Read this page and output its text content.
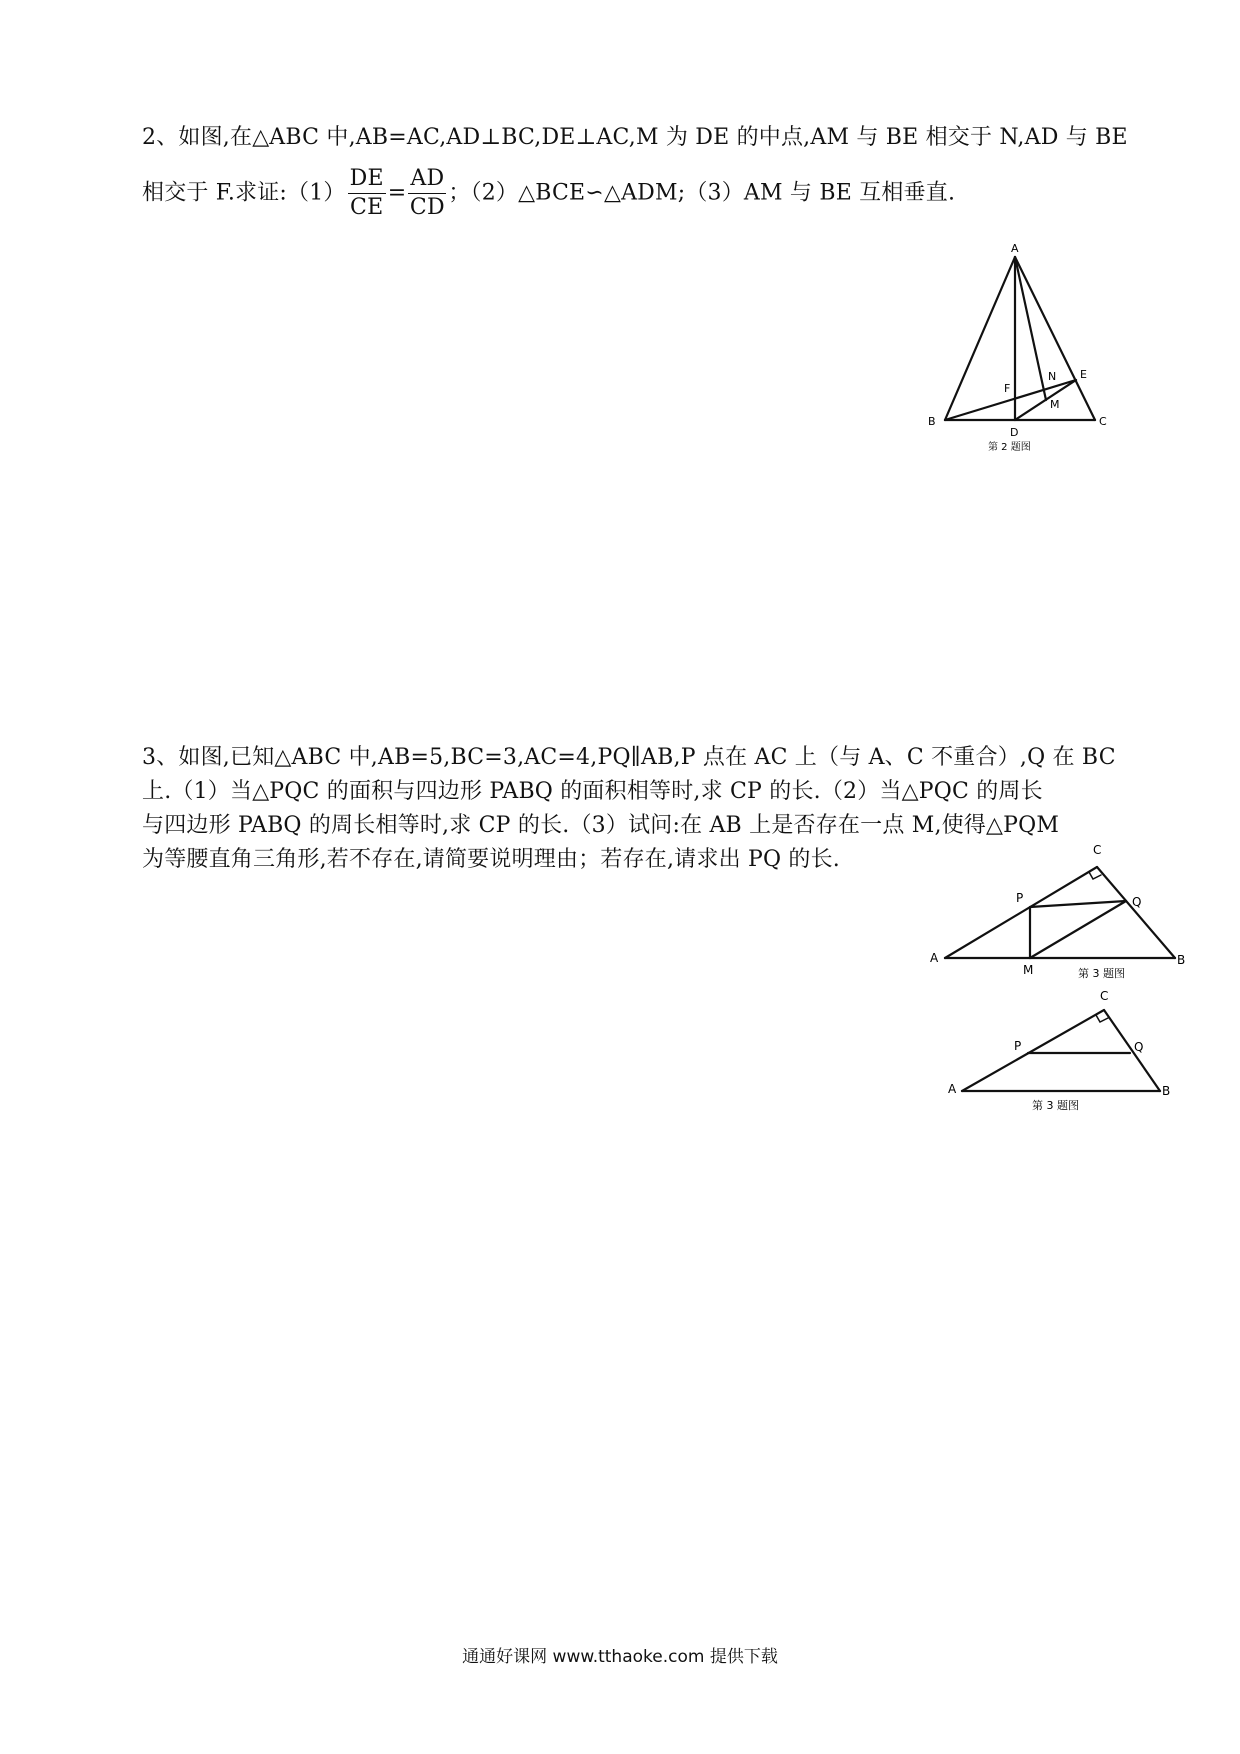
2、如图,在△ABC 中,AB=AC,AD⊥BC,DE⊥AC,M 为 DE 的中点,AM 与 BE 相交于 N,AD 与 BE
相交于 F.求证:（1） $\frac{DE}{CE} = \frac{AD}{CD}$ ；（2）△BCE∽△ADM;（3）AM 与 BE 互相垂直.
A
B	C
D
E
F
M
N
第 2 题图
3、如图,已知△ABC 中,AB=5,BC=3,AC=4,PQ∥AB,P 点在 AC 上（与 A、C 不重合）,Q 在 BC
上.（1）当△PQC 的面积与四边形 PABQ 的面积相等时,求 CP 的长.（2）当△PQC 的周长
与四边形 PABQ 的周长相等时,求 CP 的长.（3）试问:在 AB 上是否存在一点 M,使得△PQM
为等腰直角三角形,若不存在,请简要说明理由；若存在,请求出 PQ 的长.
A	B
C
P	Q
M	第 3 题图
A	B
C
P	Q
第 3 题图
通通好课网 www.tthaoke.com 提供下载
